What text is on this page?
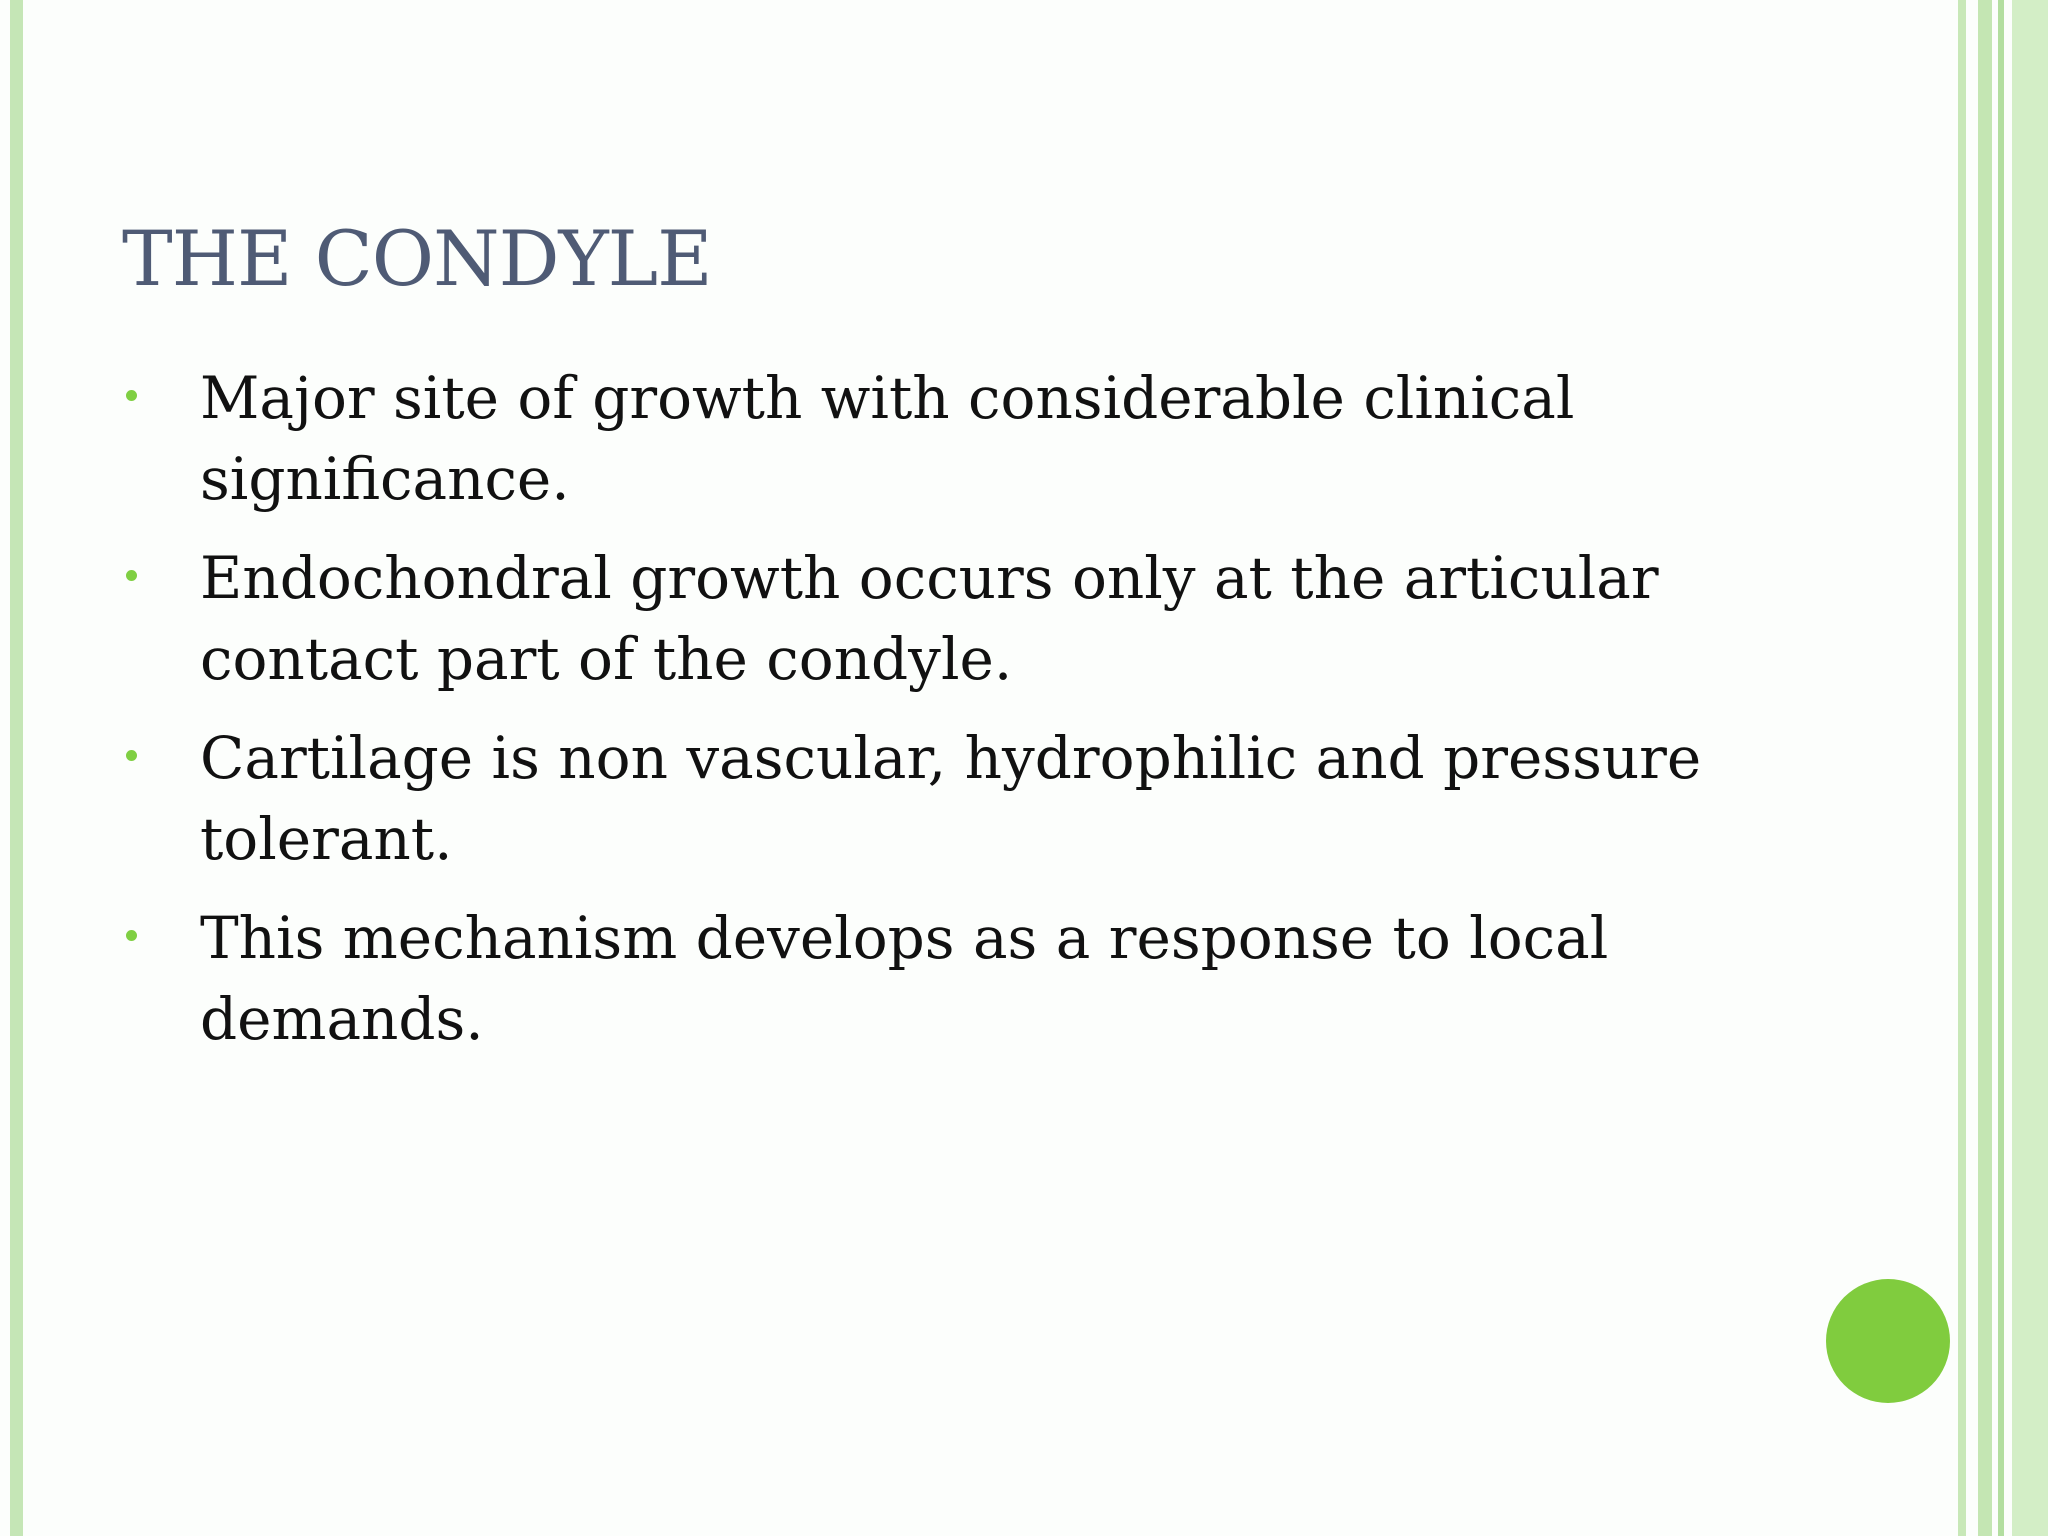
THE CONDYLE
Major site of growth with considerable clinical significance.
Endochondral growth occurs only at the articular contact part of the condyle.
Cartilage is non vascular, hydrophilic and pressure tolerant.
This mechanism develops as a response to local demands.
